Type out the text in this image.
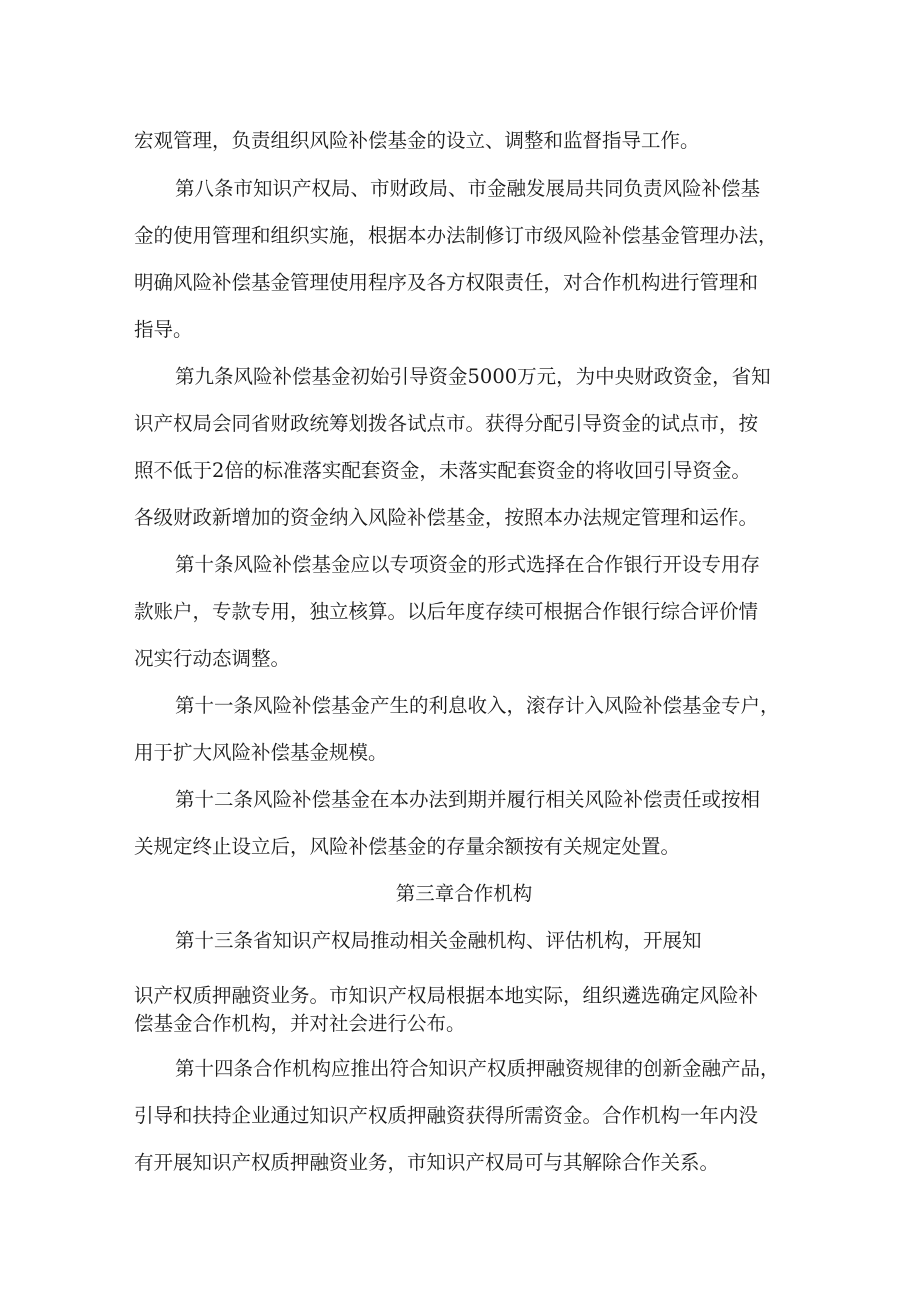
宏观管理，负责组织风险补偿基金的设立、调整和监督指导工作。
第八条市知识产权局、市财政局、市金融发展局共同负责风险补偿基
金的使用管理和组织实施，根据本办法制修订市级风险补偿基金管理办法，
明确风险补偿基金管理使用程序及各方权限责任，对合作机构进行管理和
指导。
第九条风险补偿基金初始引导资金5000万元，为中央财政资金，省知
识产权局会同省财政统筹划拨各试点市。获得分配引导资金的试点市，按
照不低于2倍的标准落实配套资金，未落实配套资金的将收回引导资金。
各级财政新增加的资金纳入风险补偿基金，按照本办法规定管理和运作。
第十条风险补偿基金应以专项资金的形式选择在合作银行开设专用存
款账户，专款专用，独立核算。以后年度存续可根据合作银行综合评价情
况实行动态调整。
第十一条风险补偿基金产生的利息收入，滚存计入风险补偿基金专户，
用于扩大风险补偿基金规模。
第十二条风险补偿基金在本办法到期并履行相关风险补偿责任或按相
关规定终止设立后，风险补偿基金的存量余额按有关规定处置。
第三章合作机构
第十三条省知识产权局推动相关金融机构、评估机构，开展知
识产权质押融资业务。市知识产权局根据本地实际，组织遴选确定风险补
偿基金合作机构，并对社会进行公布。
第十四条合作机构应推出符合知识产权质押融资规律的创新金融产品，
引导和扶持企业通过知识产权质押融资获得所需资金。合作机构一年内没
有开展知识产权质押融资业务，市知识产权局可与其解除合作关系。
